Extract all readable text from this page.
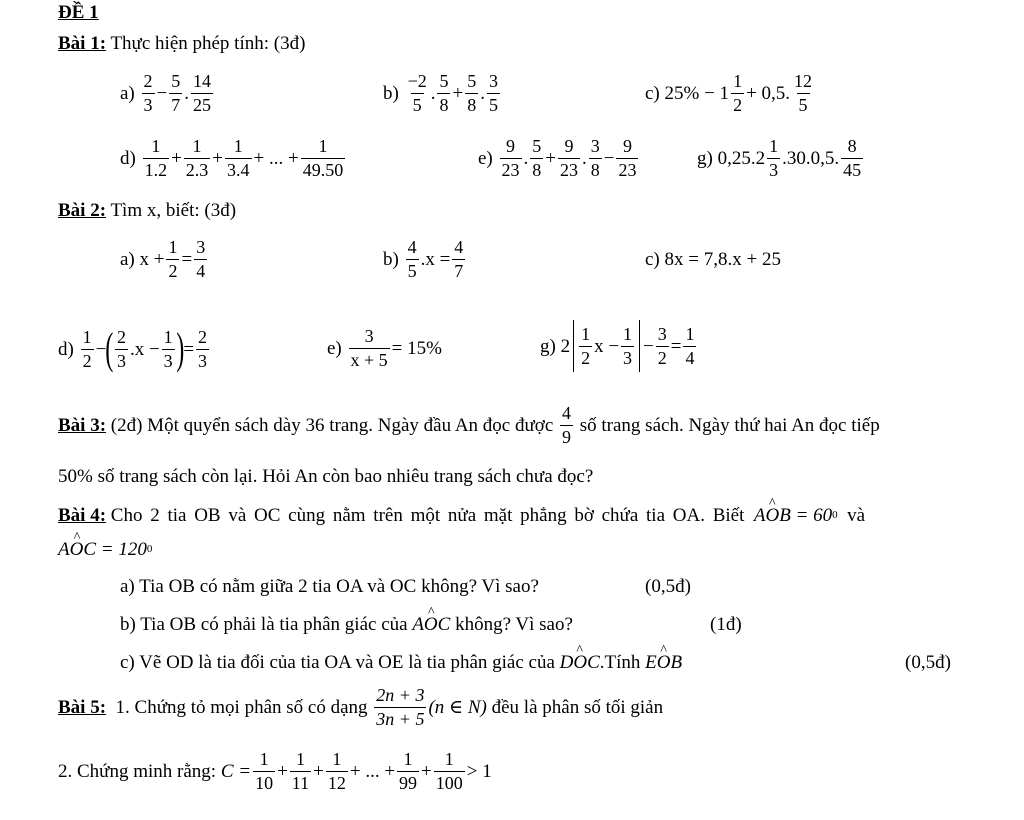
ĐỀ 1
Bài 1: Thực hiện phép tính: (3đ)
a)

2
3
− $\frac{5}{7}$ .
14
25
b)

−2
5
.
5
8
+ $\frac{5}{8}$ .
3
5
c)
25% − 1
1
2
+ 0,5.
12
5
d)

1
1.2
+ $\frac{1}{2.3} + \frac{1}{3.4}$ + ... + $\frac{1}{49.50}$	e)

9
23
.
5
8
+ $\frac{9}{23}$ .
3
8
− $\frac{9}{23}$	g)
0,25.2
1
3
.30.0,5.
8
45
Bài 2: Tìm x, biết: (3đ)
a)
$x + \frac{1}{2} = \frac{3}{4}$	b)

4
5
$.x = \frac{4}{7}$	c)
8x = 7,8.x + 25
d)

1
2
− ( 2
3
$.x - \frac{1}{3}$ ) = $\frac{2}{3}$	e)
$\frac{3}{x + 5} = 15\%$	g)
2
1
2
$x - \frac{1}{3} - \frac{3}{2} = \frac{1}{4}$
Bài 3:
(2đ) Một quyển sách dày 36 trang. Ngày đầu An đọc được

4
9

số trang sách. Ngày thứ hai An đọc tiếp
50% số trang sách còn lại. Hỏi An còn bao nhiêu trang sách chưa đọc?
Bài 4:
Cho 2 tia OB và OC cùng nằm trên một nửa mặt phẳng bờ chứa tia OA. Biết
^ AOB
= 60 0
và
^ AOC
= 120 0
a) Tia OB có nằm giữa 2 tia OA và OC không? Vì sao?	(0,5đ)
b) Tia OB có phải là tia phân giác của
^ AOC
không? Vì sao?	(1đ)
c) Vẽ OD là tia đối của tia OA và OE là tia phân giác của
^ DOC .Tính
^ EOB	(0,5đ)
Bài 5:
1. Chứng tỏ mọi phân số có dạng

2n + 3
3n + 5
(n ∈ N)
đều là phân số tối giản
2. Chứng minh rằng:
$C = \frac{1}{10}$ +
1
11
+
1
12
+ ... + $\frac{1}{99}$ +
1
100
> 1
